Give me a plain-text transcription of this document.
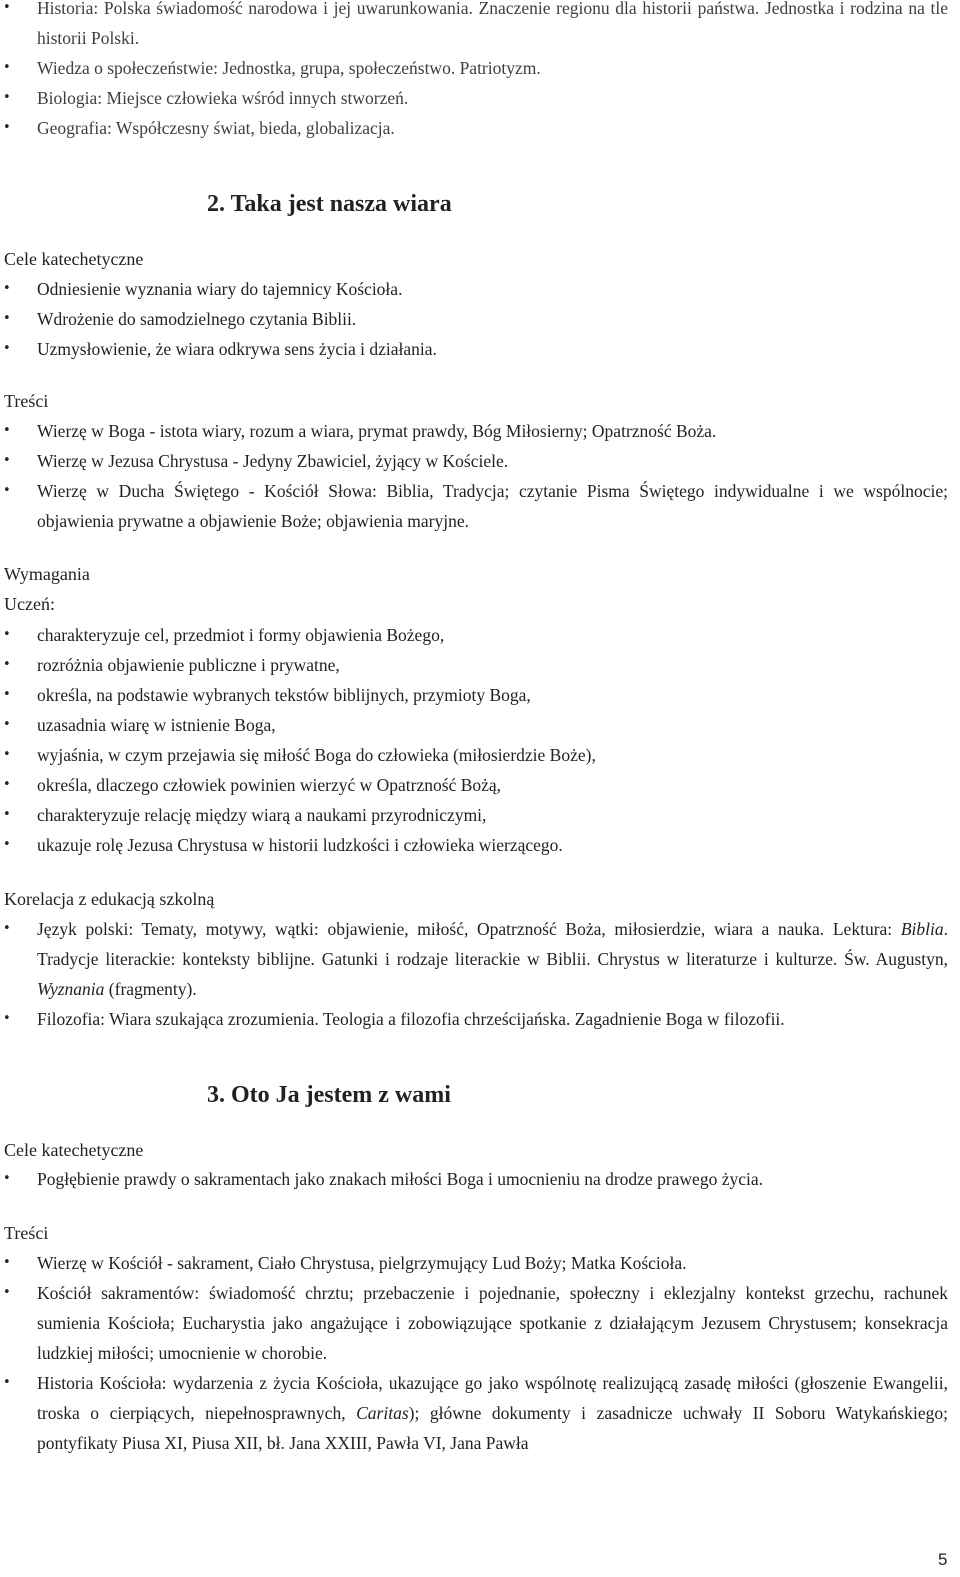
• Historia: Polska świadomość narodowa i jej uwarunkowania. Znaczenie regionu dla historii państwa. Jednostka i rodzina na tle historii Polski.
• Wiedza o społeczeństwie: Jednostka, grupa, społeczeństwo. Patriotyzm.
• Biologia: Miejsce człowieka wśród innych stworzeń.
• Geografia: Współczesny świat, bieda, globalizacja.
2. Taka jest nasza wiara

Cele katechetyczne

• Odniesienie wyznania wiary do tajemnicy Kościoła.
• Wdrożenie do samodzielnego czytania Biblii.
• Uzmysłowienie, że wiara odkrywa sens życia i działania.

Treści

• Wierzę w Boga - istota wiary, rozum a wiara, prymat prawdy, Bóg Miłosierny; Opatrzność Boża.
• Wierzę w Jezusa Chrystusa - Jedyny Zbawiciel, żyjący w Kościele.
• Wierzę w Ducha Świętego - Kościół Słowa: Biblia, Tradycja; czytanie Pisma Świętego indywidualne i we wspólnocie; objawienia prywatne a objawienie Boże; objawienia maryjne.

Wymagania

Uczeń:

• charakteryzuje cel, przedmiot i formy objawienia Bożego,
• rozróżnia objawienie publiczne i prywatne,
• określa, na podstawie wybranych tekstów biblijnych, przymioty Boga,
• uzasadnia wiarę w istnienie Boga,
• wyjaśnia, w czym przejawia się miłość Boga do człowieka (miłosierdzie Boże),
• określa, dlaczego człowiek powinien wierzyć w Opatrzność Bożą,
• charakteryzuje relację między wiarą a naukami przyrodniczymi,
• ukazuje rolę Jezusa Chrystusa w historii ludzkości i człowieka wierzącego.

Korelacja z edukacją szkolną

• Język polski: Tematy, motywy, wątki: objawienie, miłość, Opatrzność Boża, miłosierdzie, wiara a nauka. Lektura: Biblia. Tradycje literackie: konteksty biblijne. Gatunki i rodzaje literackie w Biblii. Chrystus w literaturze i kulturze. Św. Augustyn, Wyznania (fragmenty).
• Filozofia: Wiara szukająca zrozumienia. Teologia a filozofia chrześcijańska. Zagadnienie Boga w filozofii.
3. Oto Ja jestem z wami

Cele katechetyczne

• Pogłębienie prawdy o sakramentach jako znakach miłości Boga i umocnieniu na drodze prawego życia.

Treści

• Wierzę w Kościół - sakrament, Ciało Chrystusa, pielgrzymujący Lud Boży; Matka Kościoła.
• Kościół sakramentów: świadomość chrztu; przebaczenie i pojednanie, społeczny i eklezjalny kontekst grzechu, rachunek sumienia Kościoła; Eucharystia jako angażujące i zobowiązujące spotkanie z działającym Jezusem Chrystusem; konsekracja ludzkiej miłości; umocnienie w chorobie.
• Historia Kościoła: wydarzenia z życia Kościoła, ukazujące go jako wspólnotę realizującą zasadę miłości (głoszenie Ewangelii, troska o cierpiących, niepełnosprawnych, Caritas); główne dokumenty i zasadnicze uchwały II Soboru Watykańskiego; pontyfikaty Piusa XI, Piusa XII, bł. Jana XXIII, Pawła VI, Jana Pawła
5
